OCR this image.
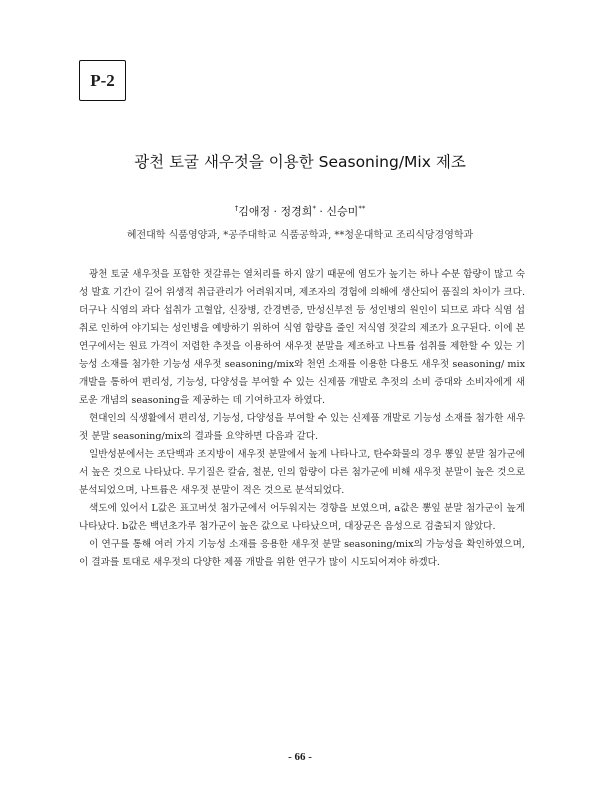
P-2
광천 토굴 새우젓을 이용한 Seasoning/Mix 제조
†김애정 · 정경희* · 신승미**
혜전대학 식품영양과, *공주대학교 식품공학과, **청운대학교 조리식당경영학과

광천 토굴 새우젓을 포함한 젓갈류는 열처리를 하지 않기 때문에 염도가 높기는 하나 수분 함량이 많고 숙성 발효 기간이 길어 위생적 취급관리가 어려워지며, 제조자의 경험에 의해에 생산되어 품질의 차이가 크다. 더구나 식염의 과다 섭취가 고혈압, 신장병, 간경변증, 만성신부전 등 성인병의 원인이 되므로 과다 식염 섭취로 인하여 야기되는 성인병을 예방하기 위하여 식염 함량을 줄인 저식염 젓갈의 제조가 요구된다. 이에 본 연구에서는 원료 가격이 저렴한 추젓을 이용하여 새우젓 분말을 제조하고 나트륨 섭취를 제한할 수 있는 기능성 소재를 첨가한 기능성 새우젓 seasoning/mix와 천연 소재를 이용한 다용도 새우젓 seasoning/ mix 개발을 통하여 편리성, 기능성, 다양성을 부여할 수 있는 신제품 개발로 추젓의 소비 증대와 소비자에게 새로운 개념의 seasoning을 제공하는 데 기여하고자 하였다.

현대인의 식생활에서 편리성, 기능성, 다양성을 부여할 수 있는 신제품 개발로 기능성 소재를 첨가한 새우젓 분말 seasoning/mix의 결과를 요약하면 다음과 같다.

일반성분에서는 조단백과 조지방이 새우젓 분말에서 높게 나타나고, 탄수화물의 경우 뽕잎 분말 첨가군에서 높은 것으로 나타났다. 무기질은 칼슘, 철분, 인의 함량이 다른 첨가군에 비해 새우젓 분말이 높은 것으로 분석되었으며, 나트륨은 새우젓 분말이 적은 것으로 분석되었다.

색도에 있어서 L값은 표고버섯 첨가군에서 어두워지는 경향을 보였으며, a값은 뽕잎 분말 첨가군이 높게 나타났다. b값은 백년초가루 첨가군이 높은 값으로 나타났으며, 대장균은 음성으로 검출되지 않았다.

이 연구를 통해 여러 가지 기능성 소재를 응용한 새우젓 분말 seasoning/mix의 가능성을 확인하였으며, 이 결과를 토대로 새우젓의 다양한 제품 개발을 위한 연구가 많이 시도되어져야 하겠다.

- 66 -
